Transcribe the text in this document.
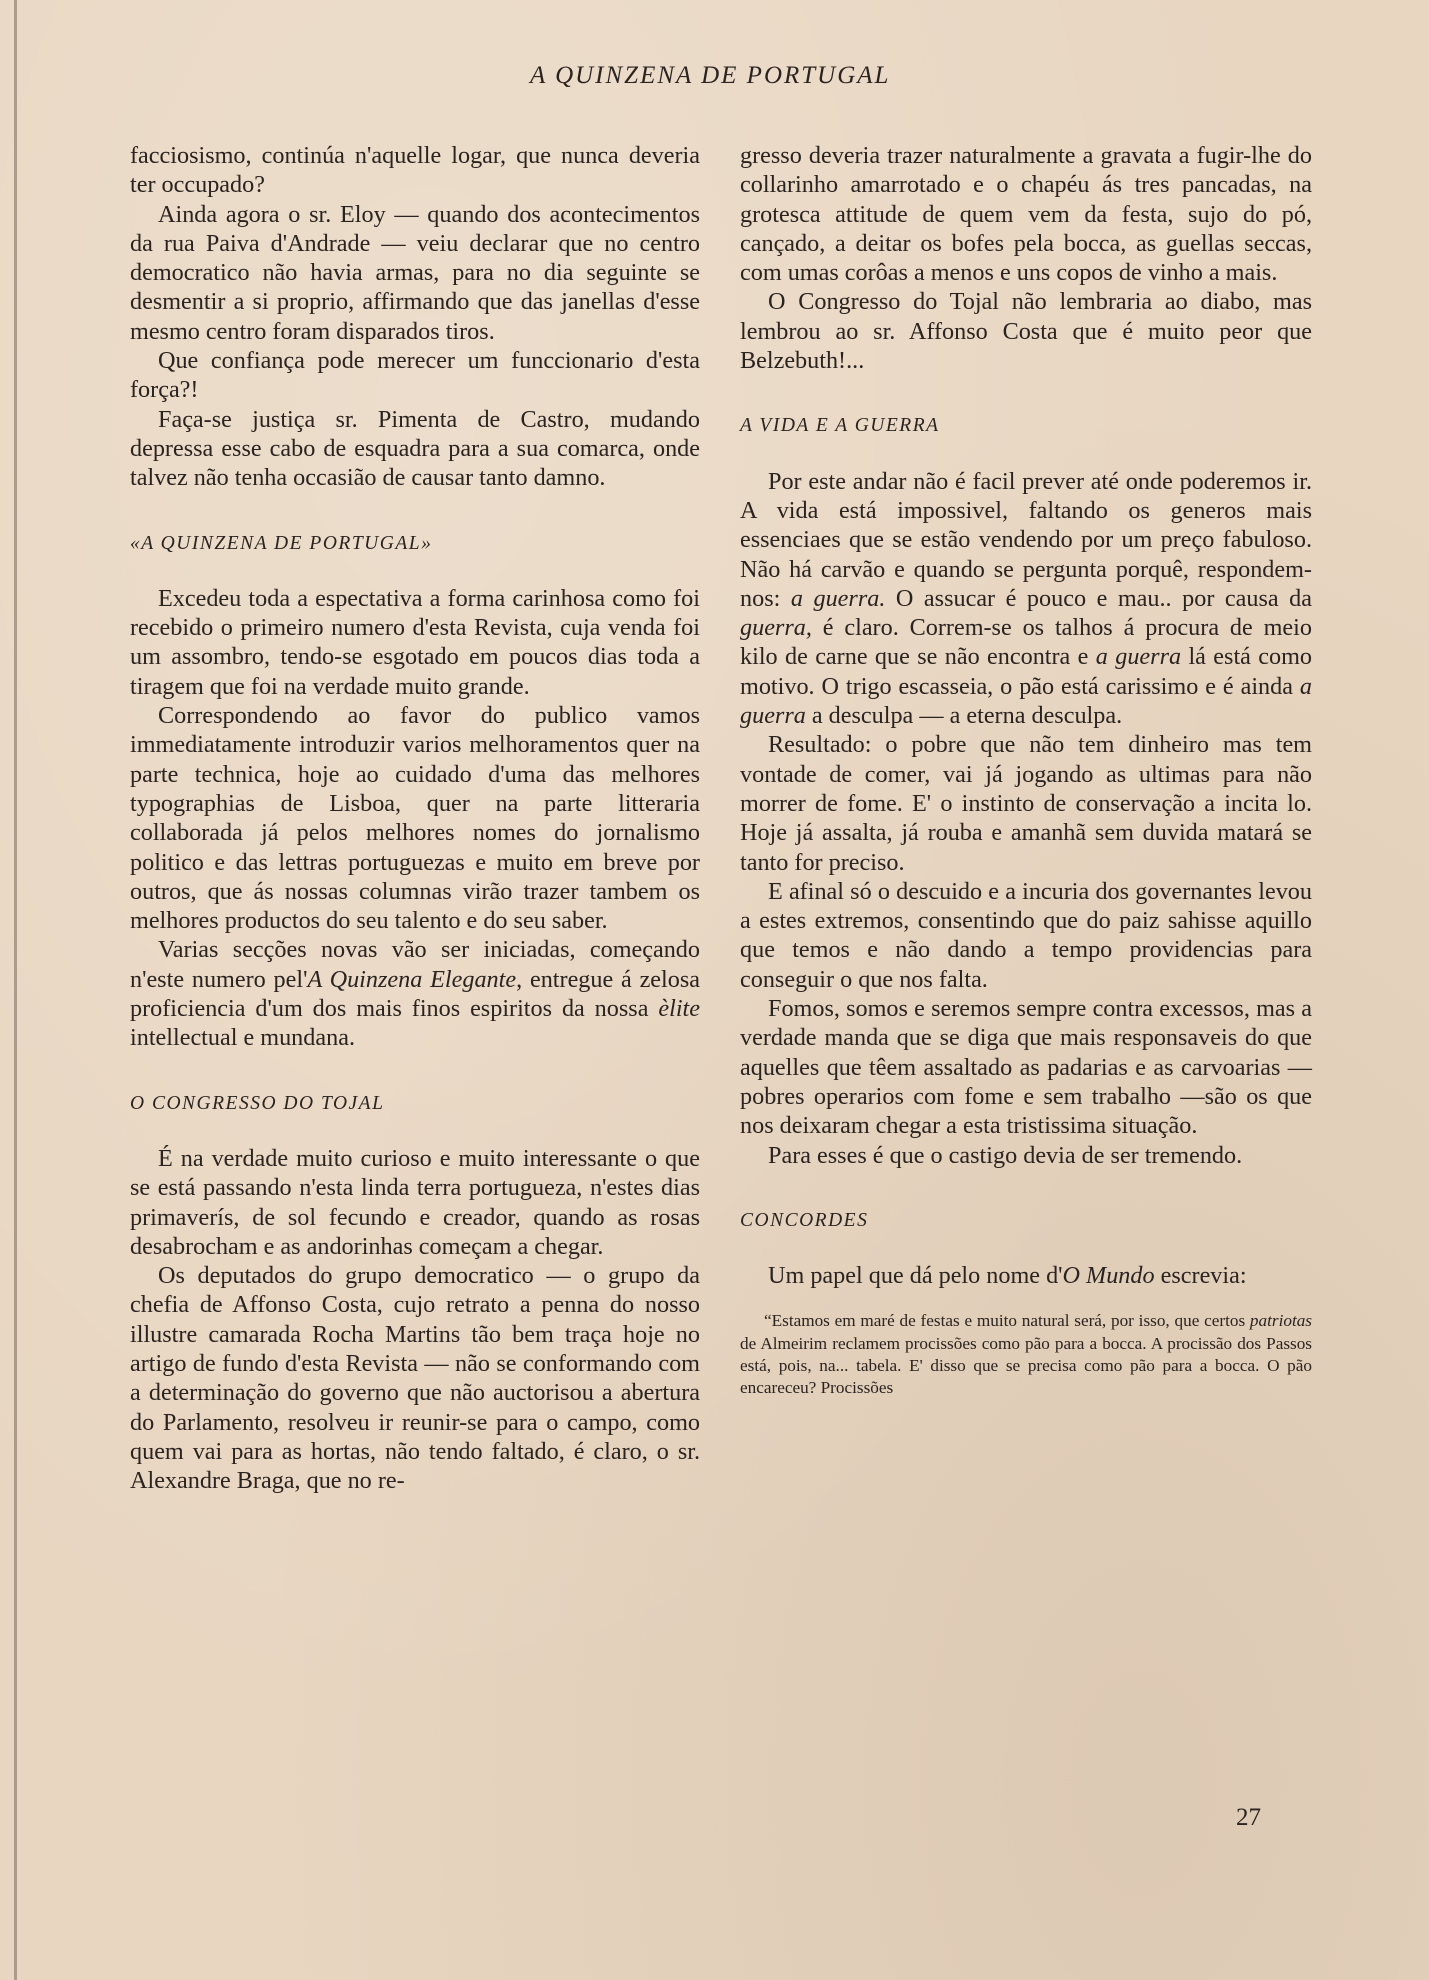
A QUINZENA DE PORTUGAL

facciosismo, continúa n'aquelle logar, que nunca deveria ter occupado?

Ainda agora o sr. Eloy — quando dos acontecimentos da rua Paiva d'Andrade — veiu declarar que no centro democratico não havia armas, para no dia seguinte se desmentir a si proprio, affirmando que das janellas d'esse mesmo centro foram disparados tiros.

Que confiança pode merecer um funccionario d'esta força?!

Faça-se justiça sr. Pimenta de Castro, mudando depressa esse cabo de esquadra para a sua comarca, onde talvez não tenha occasião de causar tanto damno.

«A QUINZENA DE PORTUGAL»

Excedeu toda a espectativa a forma carinhosa como foi recebido o primeiro numero d'esta Revista, cuja venda foi um assombro, tendo-se esgotado em poucos dias toda a tiragem que foi na verdade muito grande.

Correspondendo ao favor do publico vamos immediatamente introduzir varios melhoramentos quer na parte technica, hoje ao cuidado d'uma das melhores typographias de Lisboa, quer na parte litteraria collaborada já pelos melhores nomes do jornalismo politico e das lettras portuguezas e muito em breve por outros, que ás nossas columnas virão trazer tambem os melhores productos do seu talento e do seu saber.

Varias secções novas vão ser iniciadas, começando n'este numero pel'A Quinzena Elegante, entregue á zelosa proficiencia d'um dos mais finos espiritos da nossa èlite intellectual e mundana.

O CONGRESSO DO TOJAL

É na verdade muito curioso e muito interessante o que se está passando n'esta linda terra portugueza, n'estes dias primaverís, de sol fecundo e creador, quando as rosas desabrocham e as andorinhas começam a chegar.

Os deputados do grupo democratico — o grupo da chefia de Affonso Costa, cujo retrato a penna do nosso illustre camarada Rocha Martins tão bem traça hoje no artigo de fundo d'esta Revista — não se conformando com a determinação do governo que não auctorisou a abertura do Parlamento, resolveu ir reunir-se para o campo, como quem vai para as hortas, não tendo faltado, é claro, o sr. Alexandre Braga, que no re-

gresso deveria trazer naturalmente a gravata a fugir-lhe do collarinho amarrotado e o chapéu ás tres pancadas, na grotesca attitude de quem vem da festa, sujo do pó, cançado, a deitar os bofes pela bocca, as guellas seccas, com umas corôas a menos e uns copos de vinho a mais.

O Congresso do Tojal não lembraria ao diabo, mas lembrou ao sr. Affonso Costa que é muito peor que Belzebuth!...

A VIDA E A GUERRA

Por este andar não é facil prever até onde poderemos ir. A vida está impossivel, faltando os generos mais essenciaes que se estão vendendo por um preço fabuloso. Não há carvão e quando se pergunta porquê, respondem-nos: a guerra. O assucar é pouco e mau.. por causa da guerra, é claro. Correm-se os talhos á procura de meio kilo de carne que se não encontra e a guerra lá está como motivo. O trigo escasseia, o pão está carissimo e é ainda a guerra a desculpa — a eterna desculpa.

Resultado: o pobre que não tem dinheiro mas tem vontade de comer, vai já jogando as ultimas para não morrer de fome. E' o instinto de conservação a incita lo. Hoje já assalta, já rouba e amanhã sem duvida matará se tanto for preciso.

E afinal só o descuido e a incuria dos governantes levou a estes extremos, consentindo que do paiz sahisse aquillo que temos e não dando a tempo providencias para conseguir o que nos falta.

Fomos, somos e seremos sempre contra excessos, mas a verdade manda que se diga que mais responsaveis do que aquelles que têem assaltado as padarias e as carvoarias —pobres operarios com fome e sem trabalho —são os que nos deixaram chegar a esta tristissima situação.

Para esses é que o castigo devia de ser tremendo.

CONCORDES

Um papel que dá pelo nome d'O Mundo escrevia:

“Estamos em maré de festas e muito natural será, por isso, que certos patriotas de Almeirim reclamem procissões como pão para a bocca. A procissão dos Passos está, pois, na... tabela. E' disso que se precisa como pão para a bocca. O pão encareceu? Procissões

27
